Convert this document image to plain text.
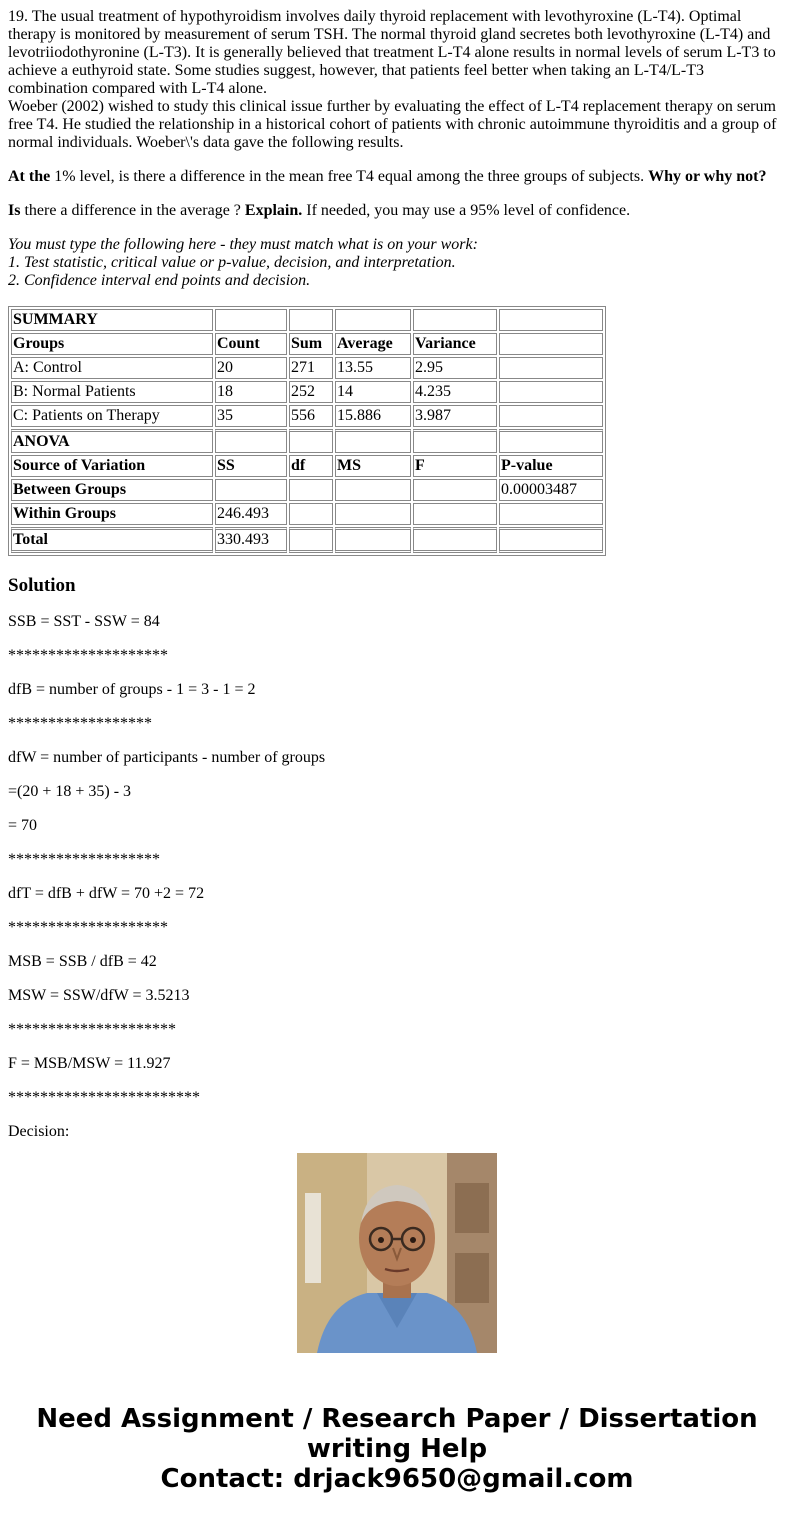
19. The usual treatment of hypothyroidism involves daily thyroid replacement with levothyroxine (L-T4). Optimal
therapy is monitored by measurement of serum TSH. The normal thyroid gland secretes both levothyroxine (L-T4) and
levotriiodothyronine (L-T3). It is generally believed that treatment L-T4 alone results in normal levels of serum L-T3 to
achieve a euthyroid state. Some studies suggest, however, that patients feel better when taking an L-T4/L-T3
combination compared with L-T4 alone.
Woeber (2002) wished to study this clinical issue further by evaluating the effect of L-T4 replacement therapy on serum
free T4. He studied the relationship in a historical cohort of patients with chronic autoimmune thyroiditis and a group of
normal individuals. Woeber\'s data gave the following results.

At the 1% level, is there a difference in the mean free T4 equal among the three groups of subjects. Why or why not?

Is there a difference in the average ? Explain. If needed, you may use a 95% level of confidence.

You must type the following here - they must match what is on your work:
1. Test statistic, critical value or p-value, decision, and interpretation.
2. Confidence interval end points and decision.

SUMMARY					
Groups	Count	Sum	Average	Variance	
A: Control	20	271	13.55	2.95	
B: Normal Patients	18	252	14	4.235	
C: Patients on Therapy	35	556	15.886	3.987	
ANOVA					
Source of Variation	SS	df	MS	F	P-value
Between Groups					0.00003487
Within Groups	246.493				
Total	330.493				
Solution

SSB = SST - SSW = 84

********************

dfB = number of groups - 1 = 3 - 1 = 2

******************

dfW = number of participants - number of groups

=(20 + 18 + 35) - 3

= 70

*******************

dfT = dfB + dfW = 70 +2 = 72

********************

MSB = SSB / dfB = 42

MSW = SSW/dfW = 3.5213

*********************

F = MSB/MSW = 11.927

************************

Decision:

Need Assignment / Research Paper / Dissertation
writing Help
Contact: drjack9650@gmail.com
